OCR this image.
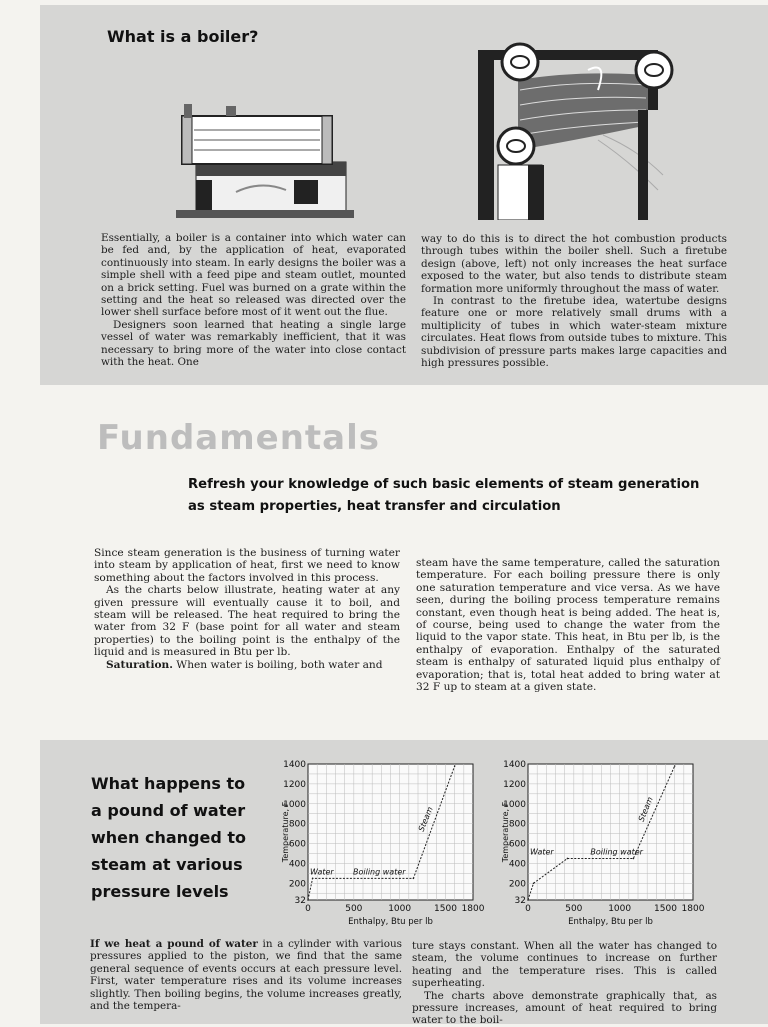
What is a boiler?

Essentially, a boiler is a container into which water can be fed and, by the application of heat, evaporated continuously into steam. In early designs the boiler was a simple shell with a feed pipe and steam outlet, mounted on a brick setting. Fuel was burned on a grate within the setting and the heat so released was directed over the lower shell surface before most of it went out the flue.

Designers soon learned that heating a single large vessel of water was remarkably inefficient, that it was necessary to bring more of the water into close contact with the heat. One

way to do this is to direct the hot combustion products through tubes within the boiler shell. Such a firetube design (above, left) not only increases the heat surface exposed to the water, but also tends to distribute steam formation more uniformly throughout the mass of water.

In contrast to the firetube idea, watertube designs feature one or more relatively small drums with a multiplicity of tubes in which water-steam mixture circulates. Heat flows from outside tubes to mixture. This subdivision of pressure parts makes large capacities and high pressures possible.

Fundamentals

Refresh your knowledge of such basic elements of steam generation as steam properties, heat transfer and circulation

Since steam generation is the business of turning water into steam by application of heat, first we need to know something about the factors involved in this process.

As the charts below illustrate, heating water at any given pressure will eventually cause it to boil, and steam will be released. The heat required to bring the water from 32 F (base point for all water and steam properties) to the boiling point is the enthalpy of the liquid and is measured in Btu per lb.

Saturation. When water is boiling, both water and

steam have the same temperature, called the saturation temperature. For each boiling pressure there is only one saturation temperature and vice versa. As we have seen, during the boiling process temperature remains constant, even though heat is being added. The heat is, of course, being used to change the water from the liquid to the vapor state. This heat, in Btu per lb, is the enthalpy of evaporation. Enthalpy of the saturated steam is enthalpy of saturated liquid plus enthalpy of evaporation; that is, total heat added to bring water at 32 F up to steam at a given state.

What happens to a pound of water when changed to steam at various pressure levels

1400
1200
1000
800
600
400
200
32
500	1000	1500 1800
0
Enthalpy, Btu per lb
Temperature, F
Water Boiling water
Steam
1400
1200
1000
800
600
400
200
32
500	1000	1500 1800
0
Enthalpy, Btu per lb
Temperature, F	Water	Boiling water
Steam

If we heat a pound of water in a cylinder with various pressures applied to the piston, we find that the same general sequence of events occurs at each pressure level. First, water temperature rises and its volume increases slightly. Then boiling begins, the volume increases greatly, and the tempera-

ture stays constant. When all the water has changed to steam, the volume continues to increase on further heating and the temperature rises. This is called superheating.

The charts above demonstrate graphically that, as pressure increases, amount of heat required to bring water to the boil-
